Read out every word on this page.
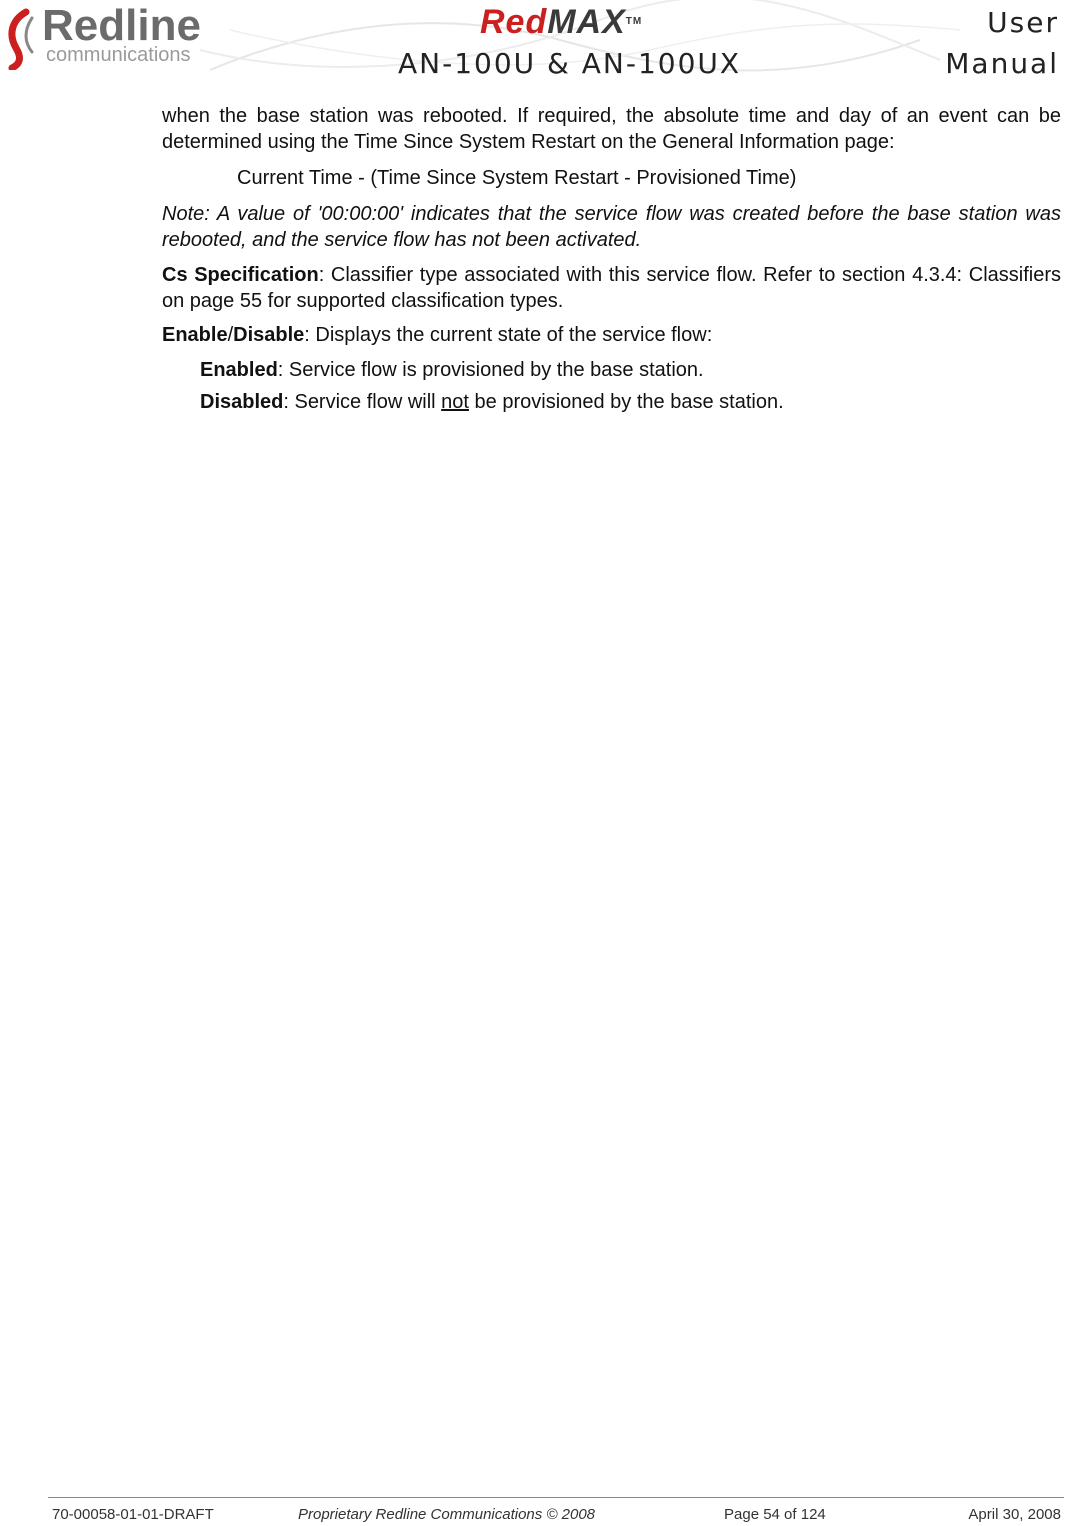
Redline
communications
RedMAX™
AN-100U & AN-100UX
User
Manual

when the base station was rebooted. If required, the absolute time and day of an event can be determined using the Time Since System Restart on the General Information page:

Current Time - (Time Since System Restart - Provisioned Time)

Note: A value of '00:00:00' indicates that the service flow was created before the base station was rebooted, and the service flow has not been activated.

Cs Specification: Classifier type associated with this service flow. Refer to section 4.3.4: Classifiers on page 55 for supported classification types.

Enable/Disable: Displays the current state of the service flow:

Enabled: Service flow is provisioned by the base station.

Disabled: Service flow will not be provisioned by the base station.

70-00058-01-01-DRAFT	Proprietary Redline Communications © 2008	Page 54 of 124	April 30, 2008
